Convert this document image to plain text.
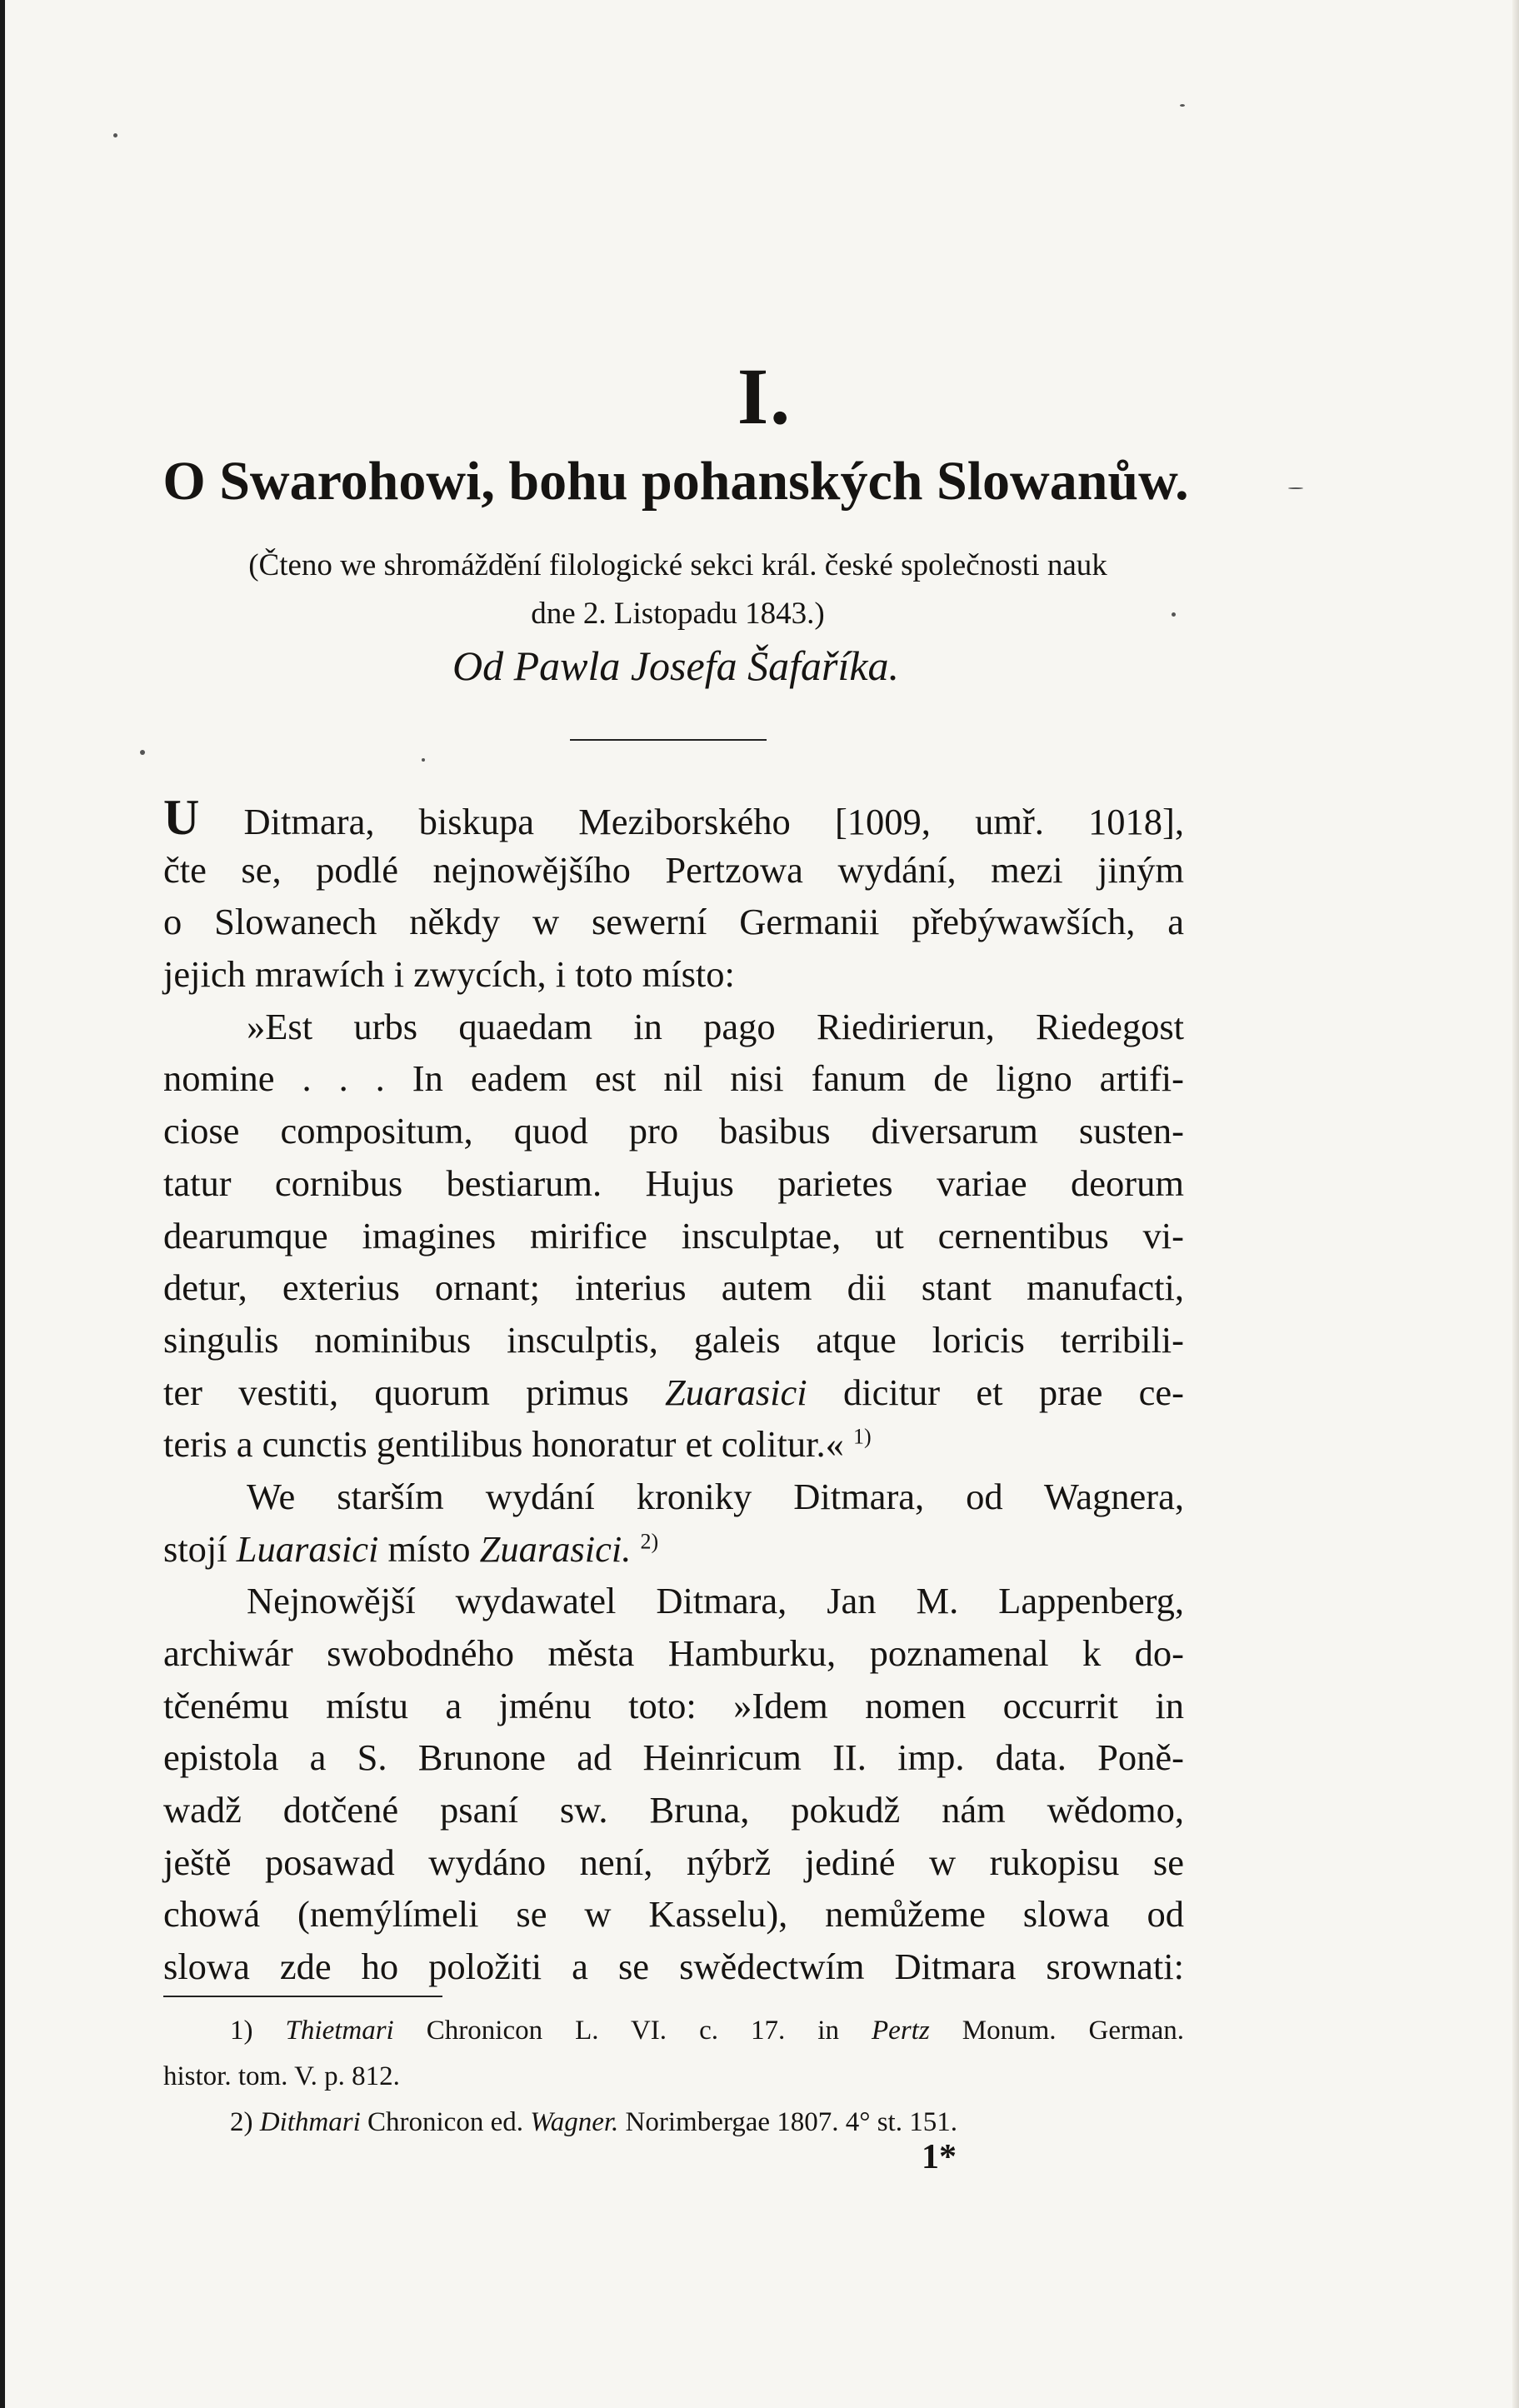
I.
O Swarohowi, bohu pohanských Slowanůw.
(Čteno we shromáždění filologické sekci král. české společnosti nauk
dne 2. Listopadu 1843.)
Od Pawla Josefa Šafaříka.
U Ditmara, biskupa Meziborského [1009, umř. 1018],
čte se, podlé nejnowějšího Pertzowa wydání, mezi jiným
o Slowanech někdy w sewerní Germanii přebýwawších, a
jejich mrawích i zwycích, i toto místo:
»Est urbs quaedam in pago Riedirierun, Riedegost
nomine . . . In eadem est nil nisi fanum de ligno artifi-
ciose compositum, quod pro basibus diversarum susten-
tatur cornibus bestiarum. Hujus parietes variae deorum
dearumque imagines mirifice insculptae, ut cernentibus vi-
detur, exterius ornant; interius autem dii stant manufacti,
singulis nominibus insculptis, galeis atque loricis terribili-
ter vestiti, quorum primus Zuarasici dicitur et prae ce-
teris a cunctis gentilibus honoratur et colitur.« $^{1)}$
We starším wydání kroniky Ditmara, od Wagnera,
stojí Luarasici místo Zuarasici. $^{2)}$
Nejnowější wydawatel Ditmara, Jan M. Lappenberg,
archiwár swobodného města Hamburku, poznamenal k do-
tčenému místu a jménu toto: »Idem nomen occurrit in
epistola a S. Brunone ad Heinricum II. imp. data. Poně-
wadž dotčené psaní sw. Bruna, pokudž nám wědomo,
ještě posawad wydáno není, nýbrž jediné w rukopisu se
chowá (nemýlímeli se w Kasselu), nemůžeme slowa od
slowa zde ho položiti a se swědectwím Ditmara srownati:
1) Thietmari Chronicon L. VI. c. 17. in Pertz Monum. German.
histor. tom. V. p. 812.
2) Dithmari Chronicon ed. Wagner. Norimbergae 1807. 4° st. 151.
1*
